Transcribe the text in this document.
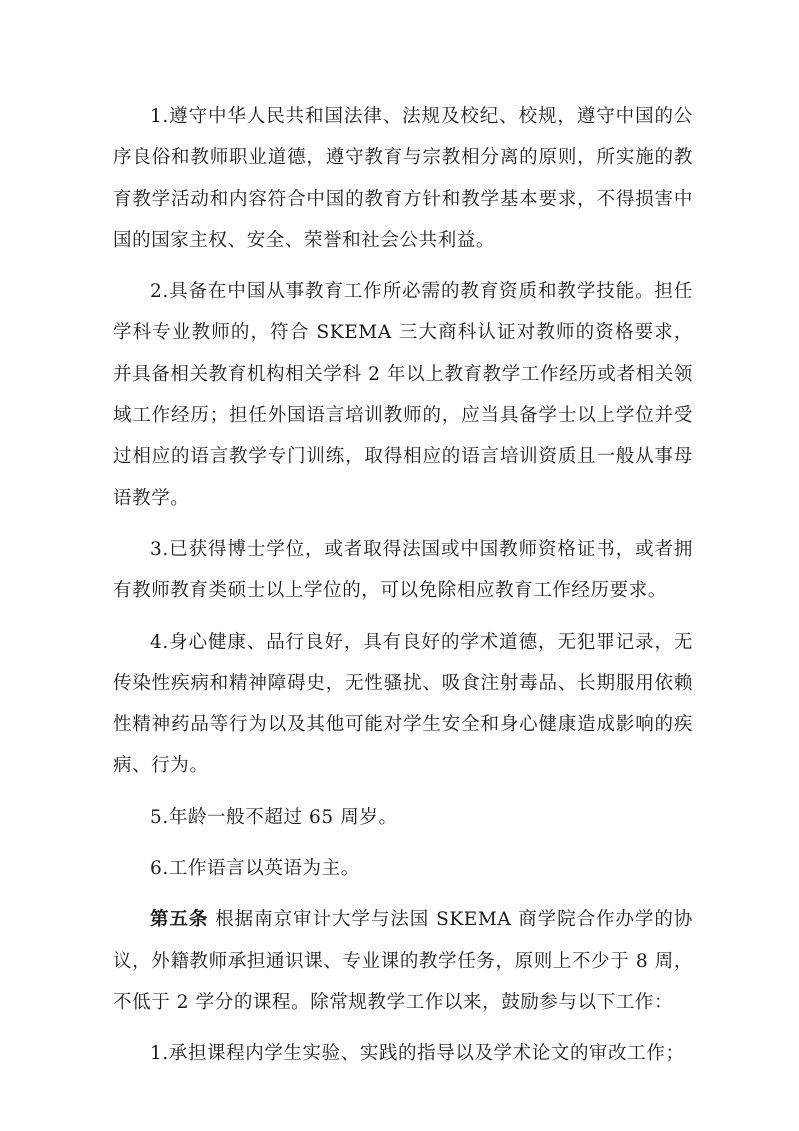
1.遵守中华人民共和国法律、法规及校纪、校规，遵守中国的公序良俗和教师职业道德，遵守教育与宗教相分离的原则，所实施的教育教学活动和内容符合中国的教育方针和教学基本要求，不得损害中国的国家主权、安全、荣誉和社会公共利益。

2.具备在中国从事教育工作所必需的教育资质和教学技能。担任学科专业教师的，符合 SKEMA 三大商科认证对教师的资格要求，并具备相关教育机构相关学科 2 年以上教育教学工作经历或者相关领域工作经历；担任外国语言培训教师的，应当具备学士以上学位并受过相应的语言教学专门训练，取得相应的语言培训资质且一般从事母语教学。

3.已获得博士学位，或者取得法国或中国教师资格证书，或者拥有教师教育类硕士以上学位的，可以免除相应教育工作经历要求。

4.身心健康、品行良好，具有良好的学术道德，无犯罪记录，无传染性疾病和精神障碍史，无性骚扰、吸食注射毒品、长期服用依赖性精神药品等行为以及其他可能对学生安全和身心健康造成影响的疾病、行为。

5.年龄一般不超过 65 周岁。

6.工作语言以英语为主。

第五条 根据南京审计大学与法国 SKEMA 商学院合作办学的协议，外籍教师承担通识课、专业课的教学任务，原则上不少于 8 周，不低于 2 学分的课程。除常规教学工作以来，鼓励参与以下工作：

1.承担课程内学生实验、实践的指导以及学术论文的审改工作；
